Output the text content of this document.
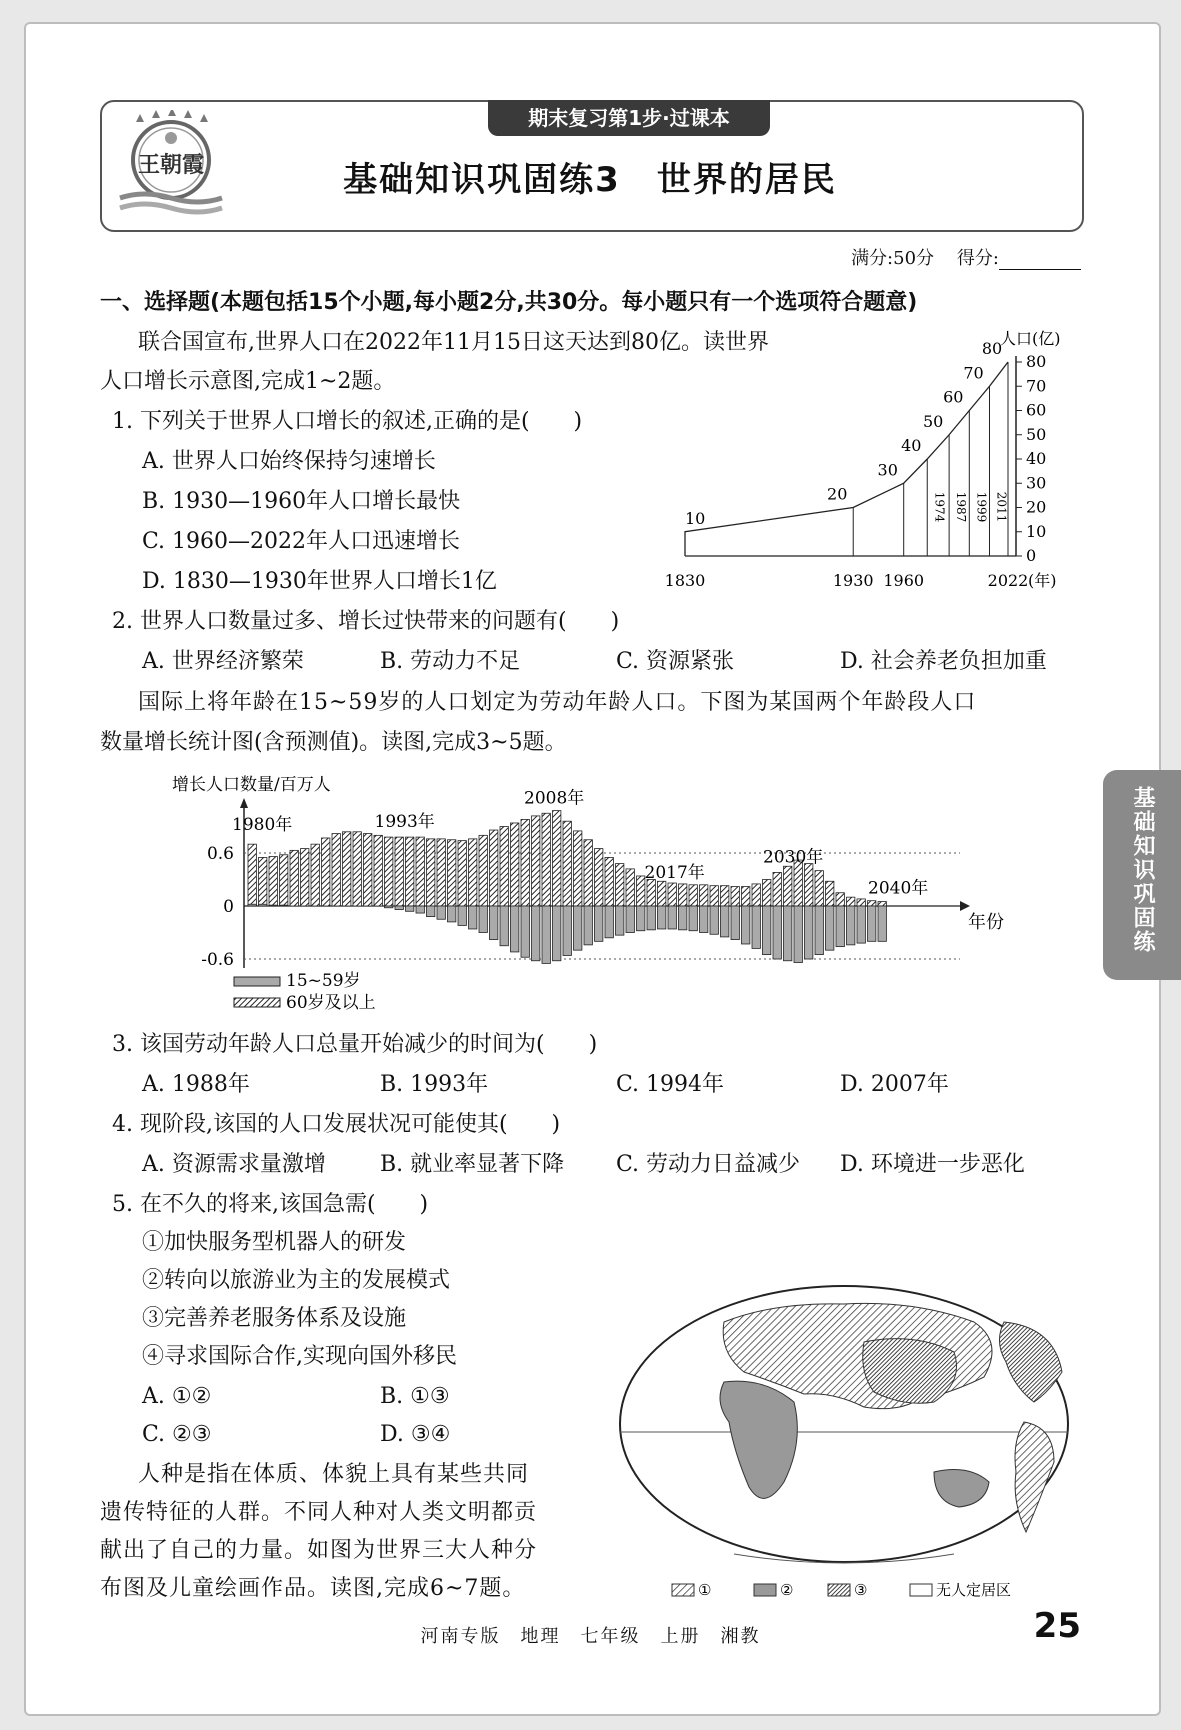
期末复习第1步·过课本
基础知识巩固练3　世界的居民
王朝霞
满分:50分 得分:
一、选择题(本题包括15个小题,每小题2分,共30分。每小题只有一个选项符合题意)
联合国宣布,世界人口在2022年11月15日这天达到80亿。读世界
人口增长示意图,完成1~2题。
1. 下列关于世界人口增长的叙述,正确的是(　　)
A. 世界人口始终保持匀速增长
B. 1930—1960年人口增长最快
C. 1960—2022年人口迅速增长
D. 1830—1930年世界人口增长1亿
人口(亿)
0
10
20
30
40
50
60
70
80
10
20
30
40
50
60
70
80
1974 1987 1999 2011
1830	1930 1960	2022 (年)
2. 世界人口数量过多、增长过快带来的问题有(　　)
A. 世界经济繁荣	B. 劳动力不足	C. 资源紧张	D. 社会养老负担加重
国际上将年龄在15~59岁的人口划定为劳动年龄人口。下图为某国两个年龄段人口
数量增长统计图(含预测值)。读图,完成3~5题。
增长人口数量/百万人
年份
0.6
0
-0.6
1980年	1993年
2008年
2017年
2030年
2040年
15~59岁
60岁及以上
3. 该国劳动年龄人口总量开始减少的时间为(　　)
A. 1988年	B. 1993年	C. 1994年	D. 2007年
4. 现阶段,该国的人口发展状况可能使其(　　)
A. 资源需求量激增 B. 就业率显著下降 C. 劳动力日益减少 D. 环境进一步恶化
5. 在不久的将来,该国急需(　　)
①加快服务型机器人的研发
②转向以旅游业为主的发展模式
③完善养老服务体系及设施
④寻求国际合作,实现向国外移民
A. ①②	B. ①③
C. ②③	D. ③④
人种是指在体质、体貌上具有某些共同
遗传特征的人群。不同人种对人类文明都贡
献出了自己的力量。如图为世界三大人种分
布图及儿童绘画作品。读图,完成6~7题。	①	②	③	无人定居区
基础知识巩固练
河南专版　地理　七年级　上册　湘教	25
